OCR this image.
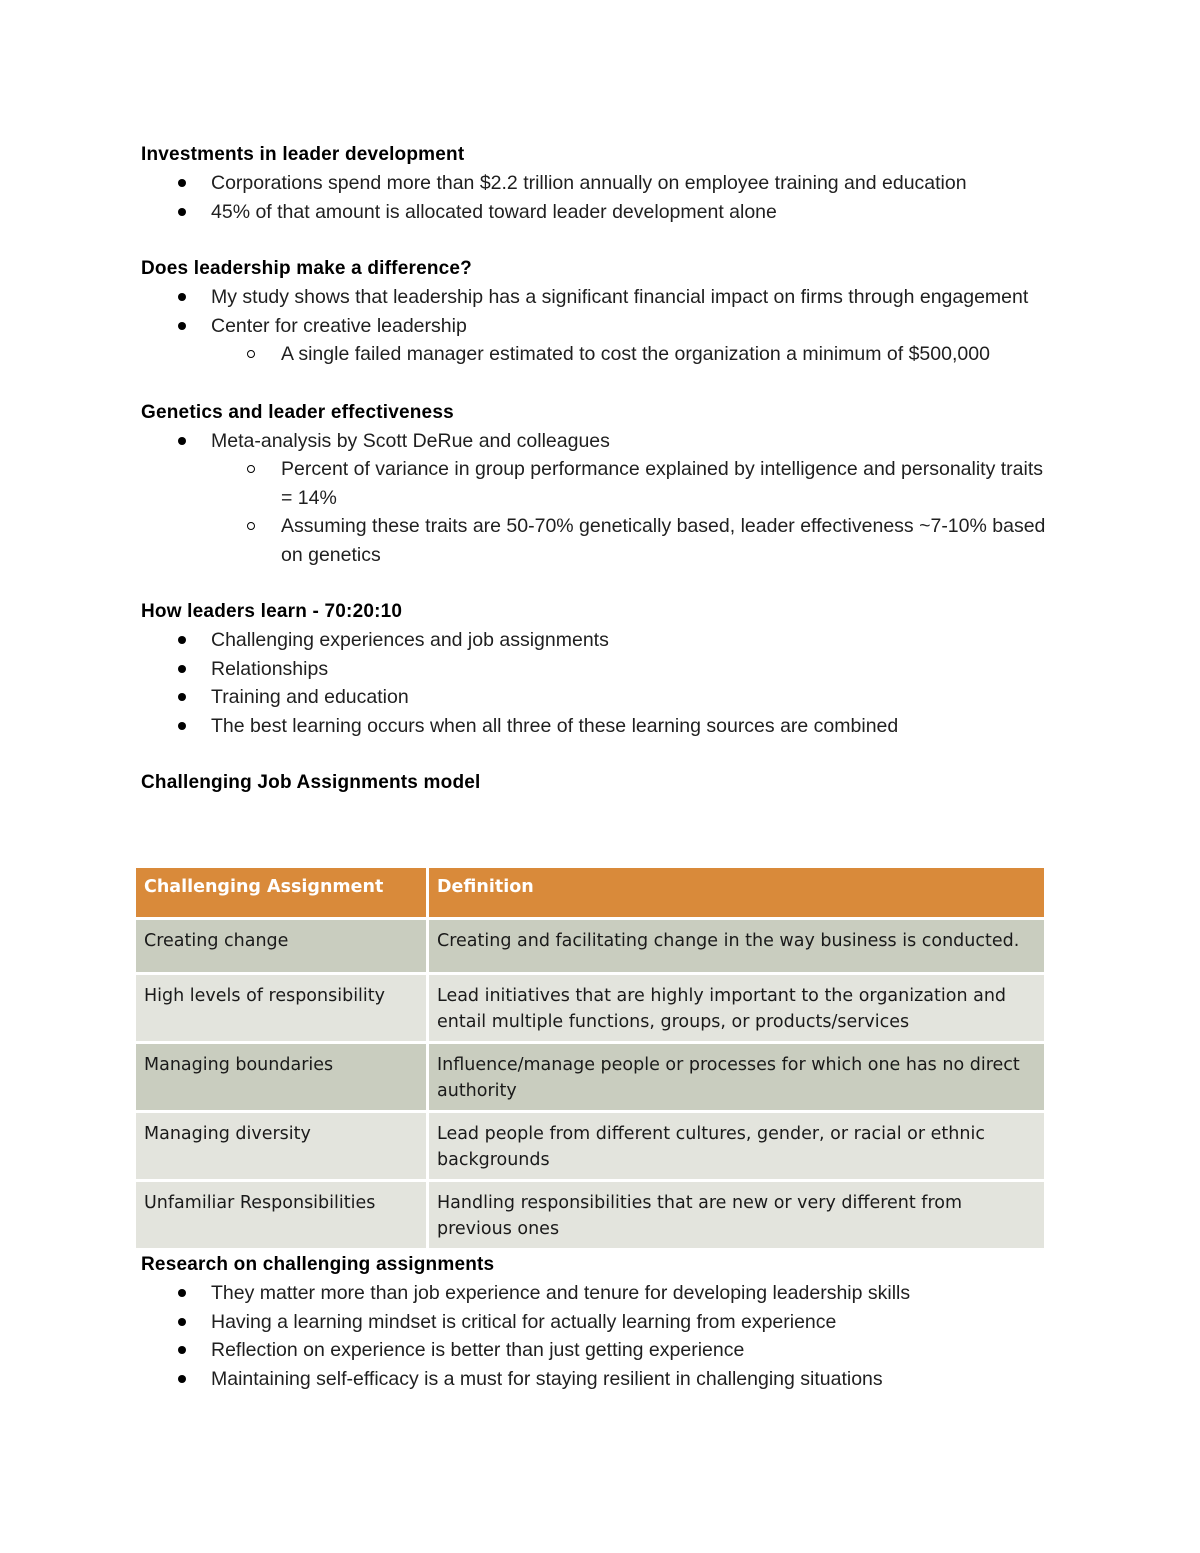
Investments in leader development

Corporations spend more than $2.2 trillion annually on employee training and education
45% of that amount is allocated toward leader development alone

Does leadership make a difference?

My study shows that leadership has a significant financial impact on firms through engagement
Center for creative leadership
A single failed manager estimated to cost the organization a minimum of $500,000

Genetics and leader effectiveness

Meta-analysis by Scott DeRue and colleagues
Percent of variance in group performance explained by intelligence and personality traits = 14%
Assuming these traits are 50-70% genetically based, leader effectiveness ~7-10% based on genetics

How leaders learn - 70:20:10

Challenging experiences and job assignments
Relationships
Training and education
The best learning occurs when all three of these learning sources are combined

Challenging Job Assignments model

Challenging Assignment	Definition
Creating change	Creating and facilitating change in the way business is conducted.
High levels of responsibility	Lead initiatives that are highly important to the organization and entail multiple functions, groups, or products/services
Managing boundaries	Influence/manage people or processes for which one has no direct authority
Managing diversity	Lead people from different cultures, gender, or racial or ethnic backgrounds
Unfamiliar Responsibilities	Handling responsibilities that are new or very different from previous ones

Research on challenging assignments

They matter more than job experience and tenure for developing leadership skills
Having a learning mindset is critical for actually learning from experience
Reflection on experience is better than just getting experience
Maintaining self-efficacy is a must for staying resilient in challenging situations
